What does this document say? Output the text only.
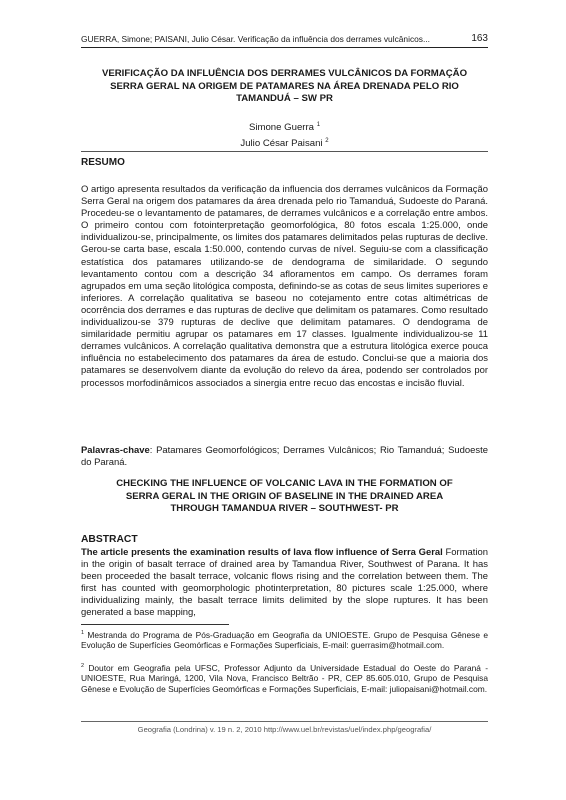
GUERRA, Simone; PAISANI, Julio César. Verificação da influência dos derrames vulcânicos...	163
VERIFICAÇÃO DA INFLUÊNCIA DOS DERRAMES VULCÂNICOS DA FORMAÇÃO
SERRA GERAL NA ORIGEM DE PATAMARES NA ÁREA DRENADA PELO RIO
TAMANDUÁ – SW PR
Simone Guerra $^1$
Julio César Paisani $^2$
RESUMO

O artigo apresenta resultados da verificação da influencia dos derrames vulcânicos da Formação Serra Geral na origem dos patamares da área drenada pelo rio Tamanduá, Sudoeste do Paraná. Procedeu-se o levantamento de patamares, de derrames vulcânicos e a correlação entre ambos. O primeiro contou com fotointerpretação geomorfológica, 80 fotos escala 1:25.000, onde individualizou-se, principalmente, os limites dos patamares delimitados pelas rupturas de declive. Gerou-se carta base, escala 1:50.000, contendo curvas de nível. Seguiu-se com a classificação estatística dos patamares utilizando-se de dendograma de similaridade. O segundo levantamento contou com a descrição 34 afloramentos em campo. Os derrames foram agrupados em uma seção litológica composta, definindo-se as cotas de seus limites superiores e inferiores. A correlação qualitativa se baseou no cotejamento entre cotas altimétricas de ocorrência dos derrames e das rupturas de declive que delimitam os patamares. Como resultado individualizou-se 379 rupturas de declive que delimitam patamares. O dendograma de similaridade permitiu agrupar os patamares em 17 classes. Igualmente individualizou-se 11 derrames vulcânicos. A correlação qualitativa demonstra que a estrutura litológica exerce pouca influência no estabelecimento dos patamares da área de estudo. Conclui-se que a maioria dos patamares se desenvolvem diante da evolução do relevo da área, podendo ser controlados por processos morfodinâmicos associados a sinergia entre recuo das encostas e incisão fluvial.

Palavras-chave: Patamares Geomorfológicos; Derrames Vulcânicos; Rio Tamanduá; Sudoeste do Paraná.

CHECKING THE INFLUENCE OF VOLCANIC LAVA IN THE FORMATION OF
SERRA GERAL IN THE ORIGIN OF BASELINE IN THE DRAINED AREA
THROUGH TAMANDUA RIVER – SOUTHWEST- PR
ABSTRACT

The article presents the examination results of lava flow influence of Serra Geral Formation in the origin of basalt terrace of drained area by Tamandua River, Southwest of Parana. It has been proceeded the basalt terrace, volcanic flows rising and the correlation between them. The first has counted with geomorphologic photinterpretation, 80 pictures scale 1:25.000, where individualizing mainly, the basalt terrace limits delimited by the slope ruptures. It has been generated a base mapping,

$^1$ Mestranda do Programa de Pós-Graduação em Geografia da UNIOESTE. Grupo de Pesquisa Gênese e Evolução de Superfícies Geomórficas e Formações Superficiais, E-mail: guerrasim@hotmail.com.

$^2$ Doutor em Geografia pela UFSC, Professor Adjunto da Universidade Estadual do Oeste do Paraná - UNIOESTE, Rua Maringá, 1200, Vila Nova, Francisco Beltrão - PR, CEP 85.605.010, Grupo de Pesquisa Gênese e Evolução de Superfícies Geomórficas e Formações Superficiais, E-mail: juliopaisani@hotmail.com.

Geografia (Londrina) v. 19 n. 2, 2010 http://www.uel.br/revistas/uel/index.php/geografia/
